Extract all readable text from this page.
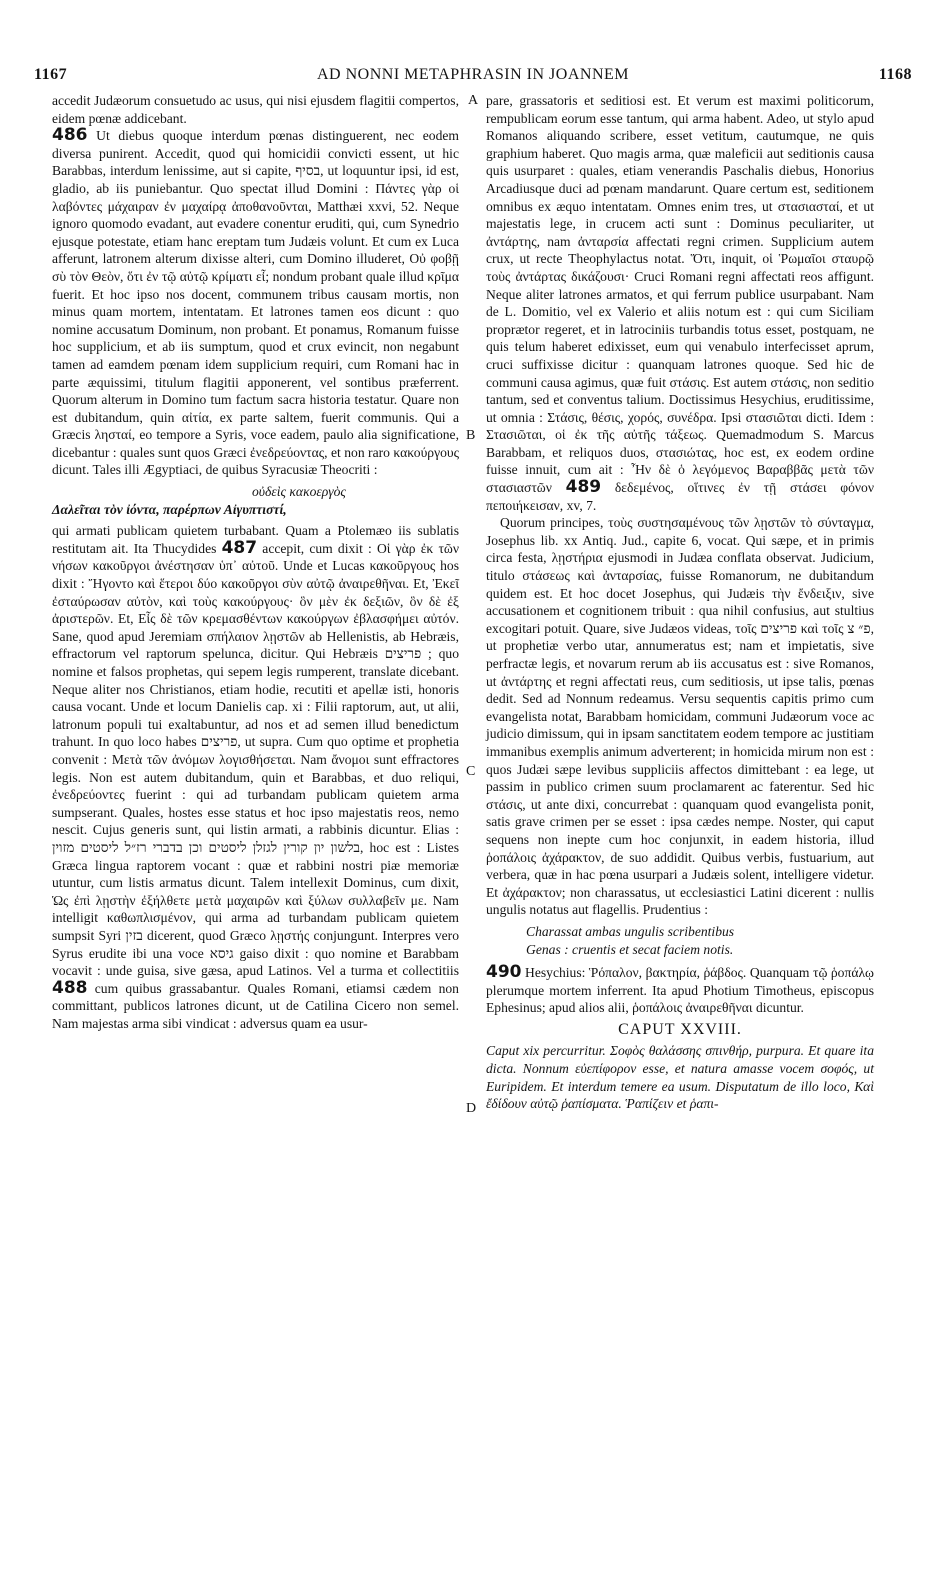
1167	AD NONNI METAPHRASIN IN JOANNEM	1168
A
B
C
D

accedit Judæorum consuetudo ac usus, qui nisi ejusdem flagitii compertos, eidem pœnæ addicebant.

486 Ut diebus quoque interdum pœnas distinguerent, nec eodem diversa punirent. Accedit, quod qui homicidii convicti essent, ut hic Barabbas, interdum lenissime, aut si capite, בסיף, ut loquuntur ipsi, id est, gladio, ab iis puniebantur. Quo spectat illud Domini : Πάντες γὰρ οἱ λαβόντες μάχαιραν ἐν μαχαίρᾳ ἀποθανοῦνται, Matthæi xxvi, 52. Neque ignoro quomodo evadant, aut evadere conentur eruditi, qui, cum Synedrio ejusque potestate, etiam hanc ereptam tum Judæis volunt. Et cum ex Luca afferunt, latronem alterum dixisse alteri, cum Domino illuderet, Οὐ φοβῇ σὺ τὸν Θεὸν, ὅτι ἐν τῷ αὐτῷ κρίματι εἶ; nondum probant quale illud κρῖμα fuerit. Et hoc ipso nos docent, communem tribus causam mortis, non minus quam mortem, intentatam. Et latrones tamen eos dicunt : quo nomine accusatum Dominum, non probant. Et ponamus, Romanum fuisse hoc supplicium, et ab iis sumptum, quod et crux evincit, non negabunt tamen ad eamdem pœnam idem supplicium requiri, cum Romani hac in parte æquissimi, titulum flagitii apponerent, vel sontibus præferrent. Quorum alterum in Domino tum factum sacra historia testatur. Quare non est dubitandum, quin αἰτία, ex parte saltem, fuerit communis. Qui a Græcis λησταί, eo tempore a Syris, voce eadem, paulo alia significatione, dicebantur : quales sunt quos Græci ἐνεδρεύοντας, et non raro κακούργους dicunt. Tales illi Ægyptiaci, de quibus Syracusiæ Theocriti :

οὐδεὶς κακοεργὸς
Δαλεῖται τὸν ἰόντα, παρέρπων Αἰγυπτιστί,

qui armati publicam quietem turbabant. Quam a Ptolemæo iis sublatis restitutam ait. Ita Thucydides 487 accepit, cum dixit : Οἱ γὰρ ἐκ τῶν νήσων κακοῦργοι ἀνέστησαν ὑπ᾽ αὐτοῦ. Unde et Lucas κακοῦργους hos dixit : Ἤγοντο καὶ ἕτεροι δύο κακοῦργοι σὺν αὐτῷ ἀναιρεθῆναι. Et, Ἐκεῖ ἐσταύρωσαν αὐτὸν, καὶ τοὺς κακούργους· ὃν μὲν ἐκ δεξιῶν, ὃν δὲ ἐξ ἀριστερῶν. Et, Εἷς δὲ τῶν κρεμασθέντων κακούργων ἐβλασφήμει αὐτόν. Sane, quod apud Jeremiam σπήλαιον λῃστῶν ab Hellenistis, ab Hebræis, effractorum vel raptorum spelunca, dicitur. Qui Hebræis פריצים ; quo nomine et falsos prophetas, qui sepem legis rumperent, translate dicebant. Neque aliter nos Christianos, etiam hodie, recutiti et apellæ isti, honoris causa vocant. Unde et locum Danielis cap. xi : Filii raptorum, aut, ut alii, latronum populi tui exaltabuntur, ad nos et ad semen illud benedictum trahunt. In quo loco habes פריצים, ut supra. Cum quo optime et prophetia convenit : Μετὰ τῶν ἀνόμων λογισθήσεται. Nam ἄνομοι sunt effractores legis. Non est autem dubitandum, quin et Barabbas, et duo reliqui, ἐνεδρεύοντες fuerint : qui ad turbandam publicam quietem arma sumpserant. Quales, hostes esse status et hoc ipso majestatis reos, nemo nescit. Cujus generis sunt, qui listin armati, a rabbinis dicuntur. Elias : בלשון יון קורין לגזלן ליסטים וכן בדברי רז״ל ליסטים מזוין, hoc est : Listes Græca lingua raptorem vocant : quæ et rabbini nostri piæ memoriæ utuntur, cum listis armatus dicunt. Talem intellexit Dominus, cum dixit, Ὡς ἐπὶ λῃστὴν ἐξήλθετε μετὰ μαχαιρῶν καὶ ξύλων συλλαβεῖν με. Nam intelligit καθωπλισμένον, qui arma ad turbandam publicam quietem sumpsit Syri בזין dicerent, quod Græco λῃστής conjungunt. Interpres vero Syrus erudite ibi una voce גיסא gaiso dixit : quo nomine et Barabbam vocavit : unde guisa, sive gæsa, apud Latinos. Vel a turma et collectitiis 488 cum quibus grassabantur. Quales Romani, etiamsi cædem non committant, publicos latrones dicunt, ut de Catilina Cicero non semel. Nam majestas arma sibi vindicat : adversus quam ea usur-

pare, grassatoris et seditiosi est. Et verum est maximi politicorum, rempublicam eorum esse tantum, qui arma habent. Adeo, ut stylo apud Romanos aliquando scribere, esset vetitum, cautumque, ne quis graphium haberet. Quo magis arma, quæ maleficii aut seditionis causa quis usurparet : quales, etiam venerandis Paschalis diebus, Honorius Arcadiusque duci ad pœnam mandarunt. Quare certum est, seditionem omnibus ex æquo intentatam. Omnes enim tres, ut στασιασταί, et ut majestatis lege, in crucem acti sunt : Dominus peculiariter, ut ἀντάρτης, nam ἀνταρσία affectati regni crimen. Supplicium autem crux, ut recte Theophylactus notat. Ὅτι, inquit, οἱ Ῥωμαῖοι σταυρῷ τοὺς ἀντάρτας δικάζουσι· Cruci Romani regni affectati reos affigunt. Neque aliter latrones armatos, et qui ferrum publice usurpabant. Nam de L. Domitio, vel ex Valerio et aliis notum est : qui cum Siciliam proprætor regeret, et in latrociniis turbandis totus esset, postquam, ne quis telum haberet edixisset, eum qui venabulo interfecisset aprum, cruci suffixisse dicitur : quanquam latrones quoque. Sed hic de communi causa agimus, quæ fuit στάσις. Est autem στάσις, non seditio tantum, sed et conventus talium. Doctissimus Hesychius, eruditissime, ut omnia : Στάσις, θέσις, χορός, συνέδρα. Ipsi στασιῶται dicti. Idem : Στασιῶται, οἱ ἐκ τῆς αὐτῆς τάξεως. Quemadmodum S. Marcus Barabbam, et reliquos duos, στασιώτας, hoc est, ex eodem ordine fuisse innuit, cum ait : Ἦν δὲ ὁ λεγόμενος Βαραββᾶς μετὰ τῶν στασιαστῶν 489 δεδεμένος, οἵτινες ἐν τῇ στάσει φόνον πεποιήκεισαν, xv, 7.

Quorum principes, τοὺς συστησαμένους τῶν λῃστῶν τὸ σύνταγμα, Josephus lib. xx Antiq. Jud., capite 6, vocat. Qui sæpe, et in primis circa festa, λῃστήρια ejusmodi in Judæa conflata observat. Judicium, titulo στάσεως καὶ ἀνταρσίας, fuisse Romanorum, ne dubitandum quidem est. Et hoc docet Josephus, qui Judæis τὴν ἔνδειξιν, sive accusationem et cognitionem tribuit : qua nihil confusius, aut stultius excogitari potuit. Quare, sive Judæos videas, τοῖς פריצים καὶ τοῖς פ״ צ, ut prophetiæ verbo utar, annumeratus est; nam et impietatis, sive perfractæ legis, et novarum rerum ab iis accusatus est : sive Romanos, ut ἀντάρτης et regni affectati reus, cum seditiosis, ut ipse talis, pœnas dedit. Sed ad Nonnum redeamus. Versu sequentis capitis primo cum evangelista notat, Barabbam homicidam, communi Judæorum voce ac judicio dimissum, qui in ipsam sanctitatem eodem tempore ac justitiam immanibus exemplis animum adverterent; in homicida mirum non est : quos Judæi sæpe levibus suppliciis affectos dimittebant : ea lege, ut passim in publico crimen suum proclamarent ac faterentur. Sed hic στάσις, ut ante dixi, concurrebat : quanquam quod evangelista ponit, satis grave crimen per se esset : ipsa cædes nempe. Noster, qui caput sequens non inepte cum hoc conjunxit, in eadem historia, illud ῥοπάλοις ἀχάρακτον, de suo addidit. Quibus verbis, fustuarium, aut verbera, quæ in hac pœna usurpari a Judæis solent, intelligere videtur. Et ἀχάρακτον; non charassatus, ut ecclesiastici Latini dicerent : nullis ungulis notatus aut flagellis. Prudentius :

Charassat ambas ungulis scribentibus
Genas : cruentis et secat faciem notis.

490 Hesychius: Ῥόπαλον, βακτηρία, ῥάβδος. Quanquam τῷ ῥοπάλῳ plerumque mortem inferrent. Ita apud Photium Timotheus, episcopus Ephesinus; apud alios alii, ῥοπάλοις ἀναιρεθῆναι dicuntur.

CAPUT XXVIII.

Caput xix percurritur. Σοφὸς θαλάσσης σπινθήρ, purpura. Et quare ita dicta. Nonnum εὐεπίφορον esse, et natura amasse vocem σοφός, ut Euripidem. Et interdum temere ea usum. Disputatum de illo loco, Καὶ ἔδίδουν αὐτῷ ῥαπίσματα. Ῥαπίζειν et ῥαπι-
